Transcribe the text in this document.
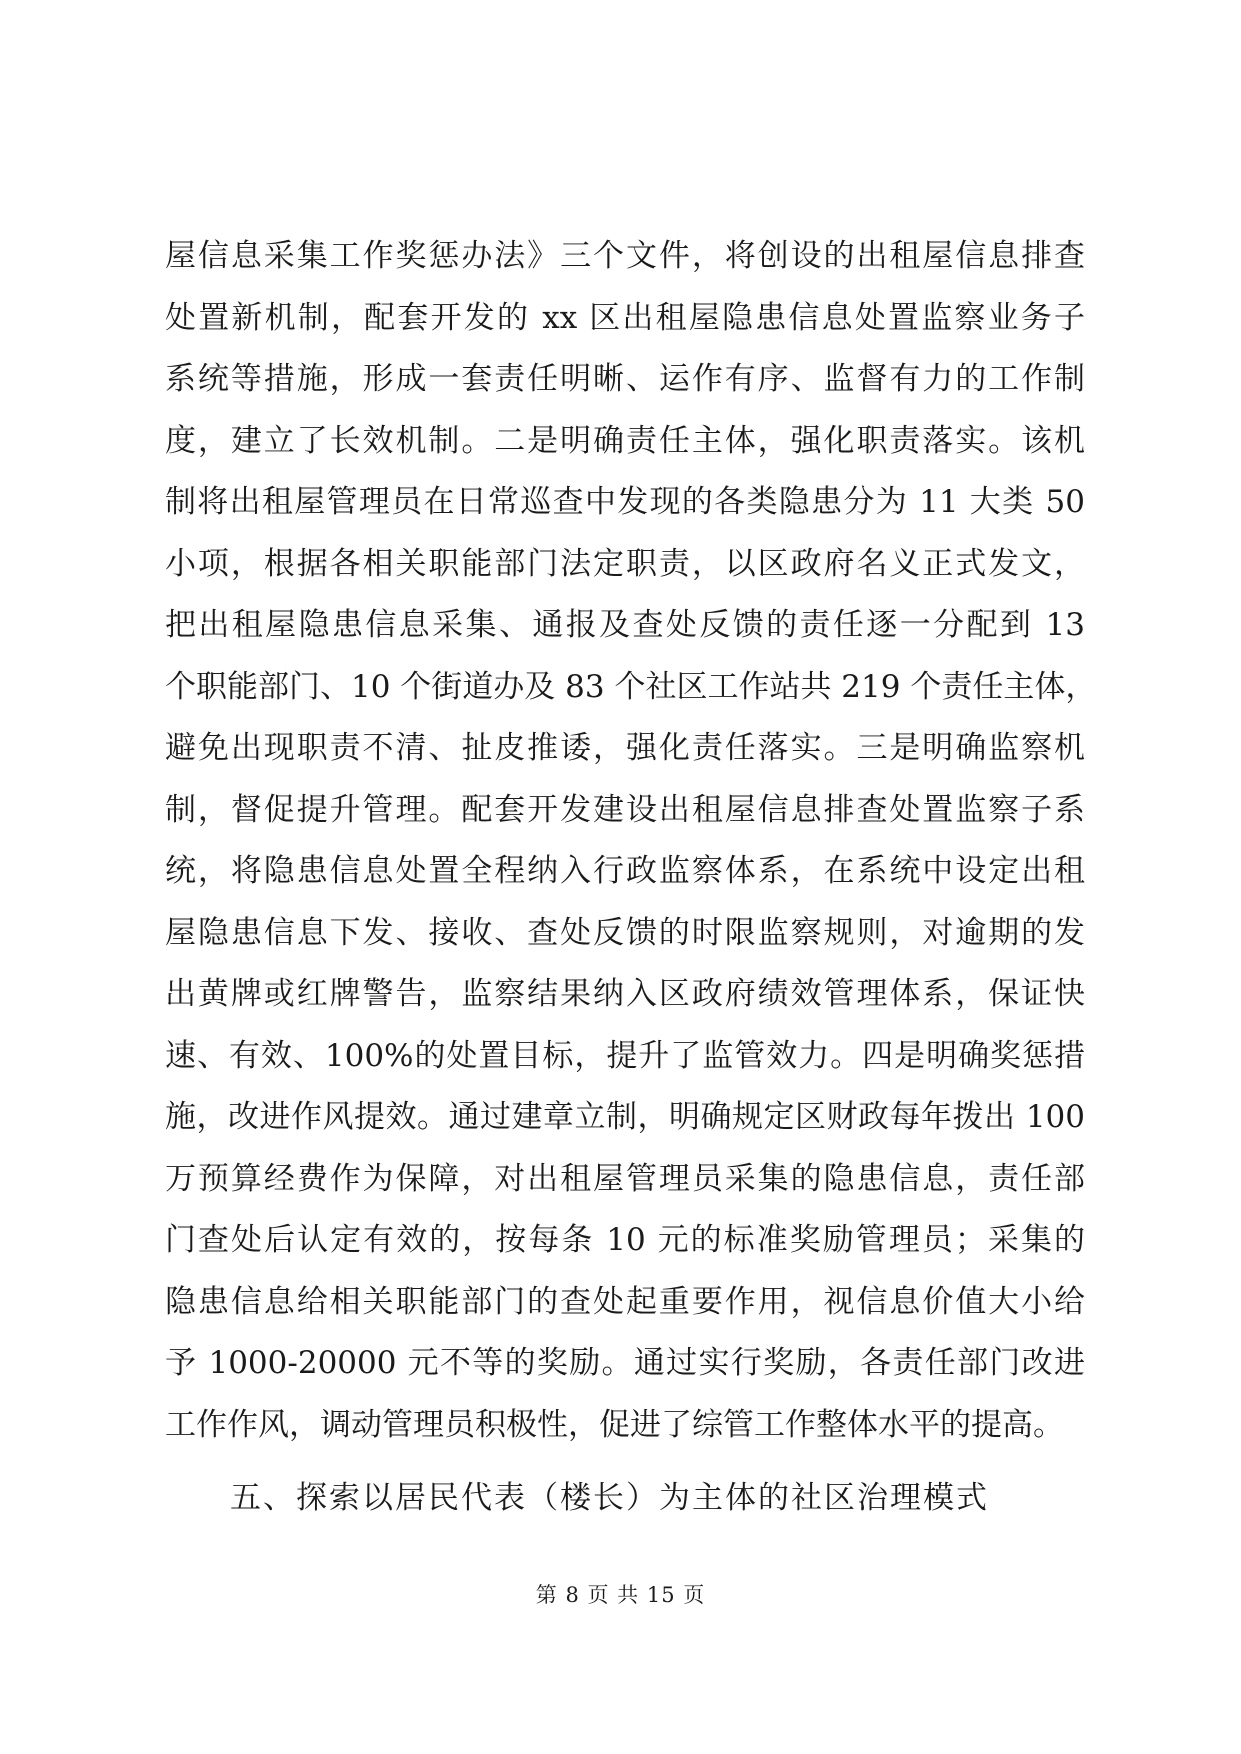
屋信息采集工作奖惩办法》三个文件，将创设的出租屋信息排查
处置新机制，配套开发的 xx 区出租屋隐患信息处置监察业务子
系统等措施，形成一套责任明晰、运作有序、监督有力的工作制
度，建立了长效机制。二是明确责任主体，强化职责落实。该机
制将出租屋管理员在日常巡查中发现的各类隐患分为 11 大类 50
小项，根据各相关职能部门法定职责，以区政府名义正式发文，
把出租屋隐患信息采集、通报及查处反馈的责任逐一分配到 13
个职能部门、10 个街道办及 83 个社区工作站共 219 个责任主体，
避免出现职责不清、扯皮推诿，强化责任落实。三是明确监察机
制，督促提升管理。配套开发建设出租屋信息排查处置监察子系
统，将隐患信息处置全程纳入行政监察体系，在系统中设定出租
屋隐患信息下发、接收、查处反馈的时限监察规则，对逾期的发
出黄牌或红牌警告，监察结果纳入区政府绩效管理体系，保证快
速、有效、100%的处置目标，提升了监管效力。四是明确奖惩措
施，改进作风提效。通过建章立制，明确规定区财政每年拨出 100
万预算经费作为保障，对出租屋管理员采集的隐患信息，责任部
门查处后认定有效的，按每条 10 元的标准奖励管理员；采集的
隐患信息给相关职能部门的查处起重要作用，视信息价值大小给
予 1000-20000 元不等的奖励。通过实行奖励，各责任部门改进
工作作风，调动管理员积极性，促进了综管工作整体水平的提高。
五、探索以居民代表（楼长）为主体的社区治理模式
第 8 页 共 15 页
